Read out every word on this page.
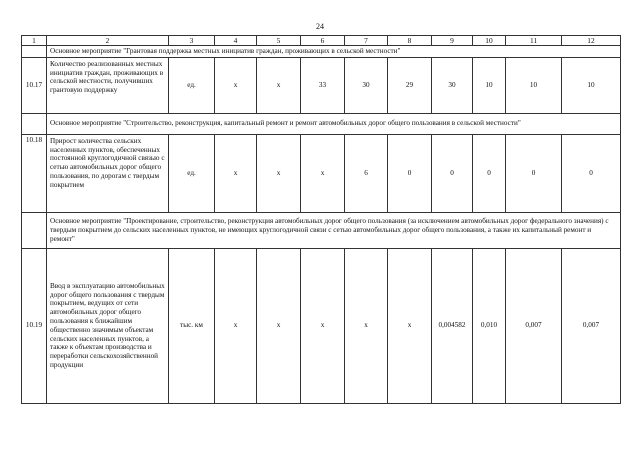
24
1	2	3	4	5	6	7	8	9	10	11	12
	Основное мероприятие "Грантовая поддержка местных инициатив граждан, проживающих в сельской местности"										
10.17	Количество реализованных местных инициатив граждан, проживающих в сельской местности, получивших грантовую поддержку	ед.	х	х	33	30	29	30	10	10	10
	Основное мероприятие "Строительство, реконструкция, капитальный ремонт и ремонт автомобильных дорог общего пользования в сельской местности"										
10.18	Прирост количества сельских населенных пунктов, обеспеченных постоянной круглогодичной связью с сетью автомобильных дорог общего пользования, по дорогам с твердым покрытием	ед.	х	х	х	6	0	0	0	0	0
	Основное мероприятие "Проектирование, строительство, реконструкция автомобильных дорог общего пользования (за исключением автомобильных дорог федерального значения) с твердым покрытием до сельских населенных пунктов, не имеющих круглогодичной связи с сетью автомобильных дорог общего пользования, а также их капитальный ремонт и ремонт"										
10.19	Ввод в эксплуатацию автомобильных дорог общего пользования с твердым покрытием, ведущих от сети автомобильных дорог общего пользования к ближайшим общественно значимым объектам сельских населенных пунктов, а также к объектам производства и переработки сельскохозяйственной продукции	тыс. км	х	х	х	х	х	0,004582	0,010	0,007	0,007
